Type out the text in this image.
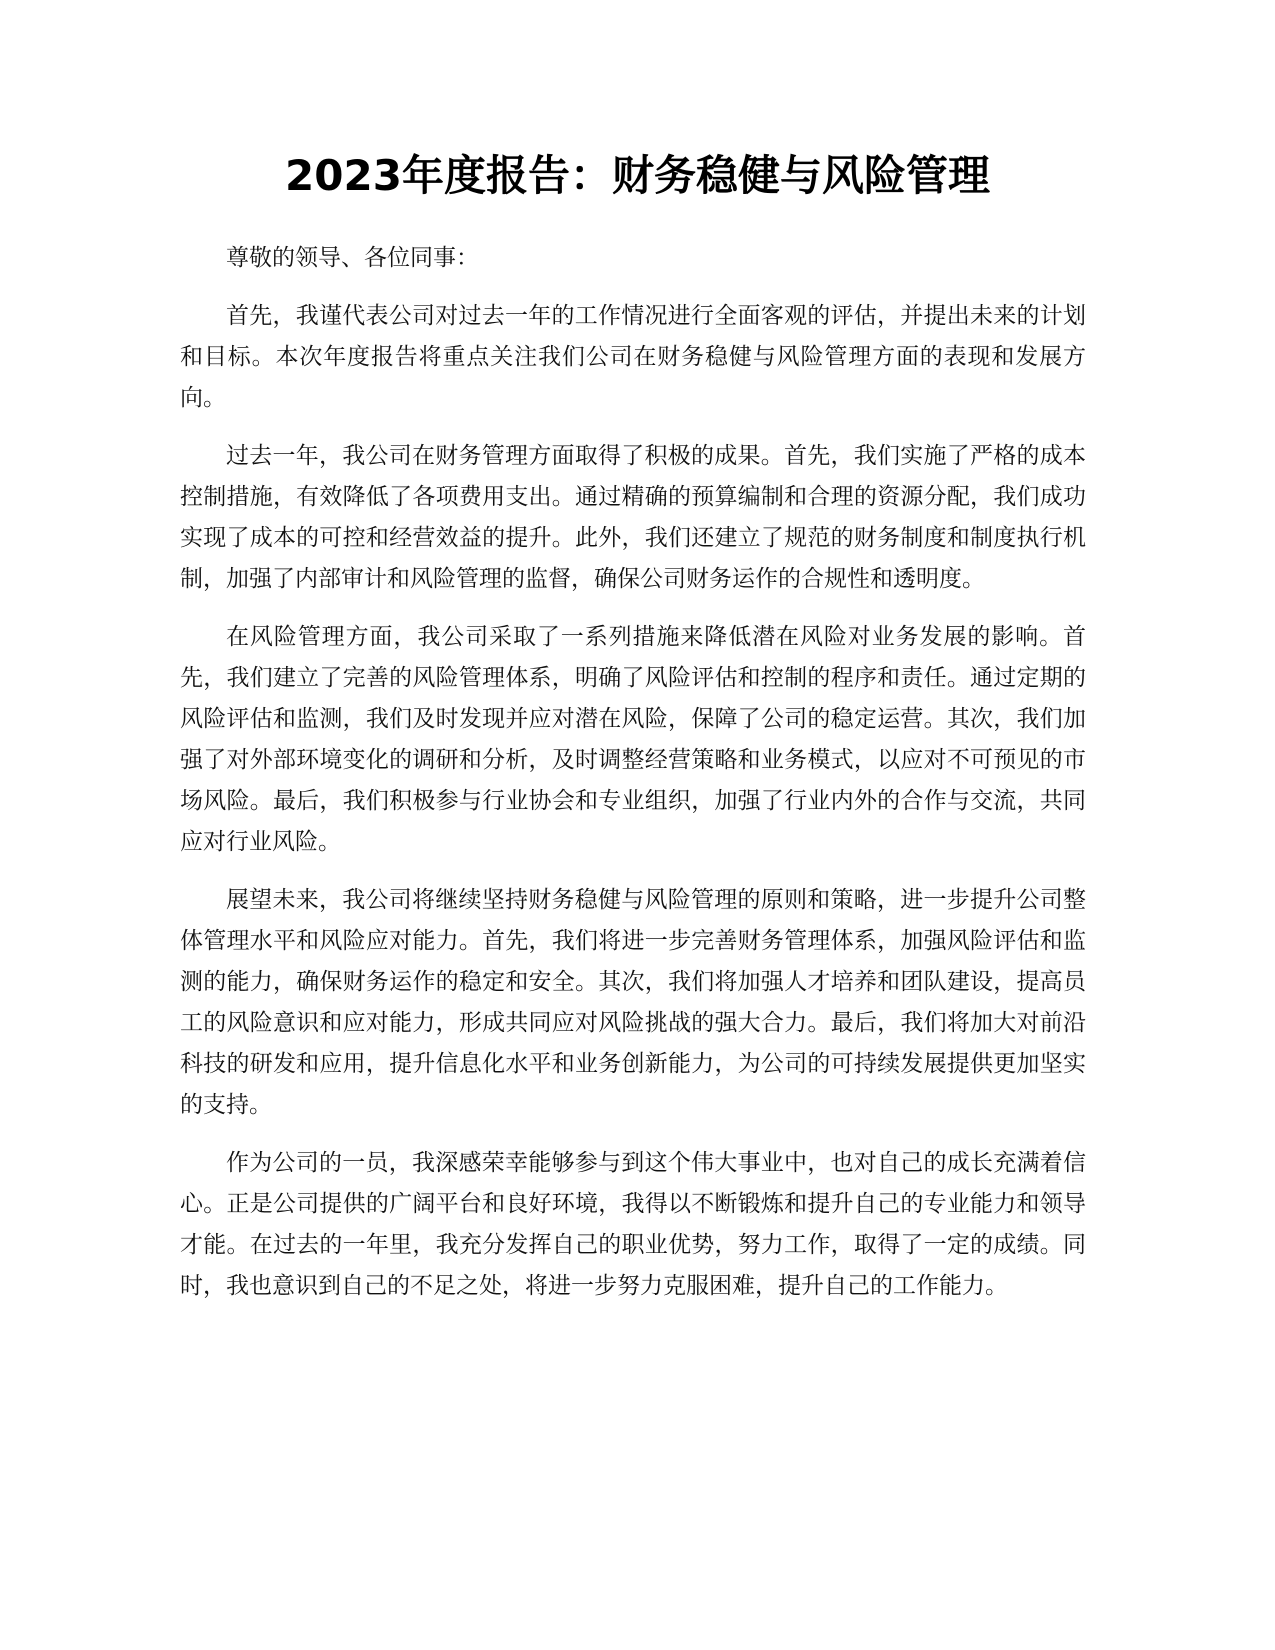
2023年度报告：财务稳健与风险管理

尊敬的领导、各位同事：

首先，我谨代表公司对过去一年的工作情况进行全面客观的评估，并提出未来的计划和目标。本次年度报告将重点关注我们公司在财务稳健与风险管理方面的表现和发展方向。

过去一年，我公司在财务管理方面取得了积极的成果。首先，我们实施了严格的成本控制措施，有效降低了各项费用支出。通过精确的预算编制和合理的资源分配，我们成功实现了成本的可控和经营效益的提升。此外，我们还建立了规范的财务制度和制度执行机制，加强了内部审计和风险管理的监督，确保公司财务运作的合规性和透明度。

在风险管理方面，我公司采取了一系列措施来降低潜在风险对业务发展的影响。首先，我们建立了完善的风险管理体系，明确了风险评估和控制的程序和责任。通过定期的风险评估和监测，我们及时发现并应对潜在风险，保障了公司的稳定运营。其次，我们加强了对外部环境变化的调研和分析，及时调整经营策略和业务模式，以应对不可预见的市场风险。最后，我们积极参与行业协会和专业组织，加强了行业内外的合作与交流，共同应对行业风险。

展望未来，我公司将继续坚持财务稳健与风险管理的原则和策略，进一步提升公司整体管理水平和风险应对能力。首先，我们将进一步完善财务管理体系，加强风险评估和监测的能力，确保财务运作的稳定和安全。其次，我们将加强人才培养和团队建设，提高员工的风险意识和应对能力，形成共同应对风险挑战的强大合力。最后，我们将加大对前沿科技的研发和应用，提升信息化水平和业务创新能力，为公司的可持续发展提供更加坚实的支持。

作为公司的一员，我深感荣幸能够参与到这个伟大事业中，也对自己的成长充满着信心。正是公司提供的广阔平台和良好环境，我得以不断锻炼和提升自己的专业能力和领导才能。在过去的一年里，我充分发挥自己的职业优势，努力工作，取得了一定的成绩。同时，我也意识到自己的不足之处，将进一步努力克服困难，提升自己的工作能力。
